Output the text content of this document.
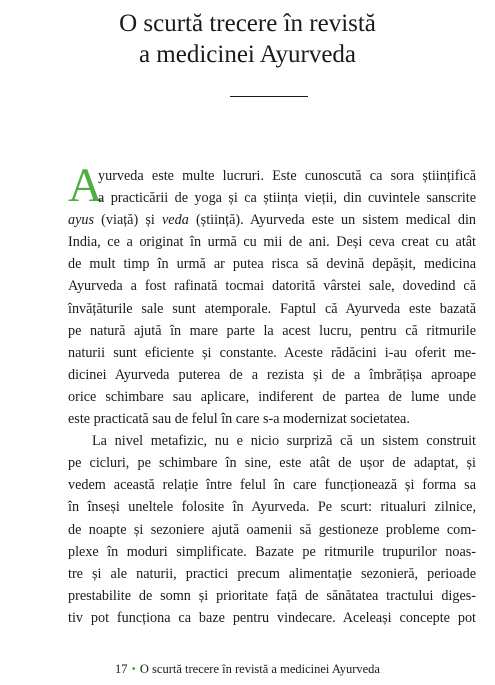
O scurtă trecere în revistă
a medicinei Ayurveda
A
yurveda este multe lucruri. Este cunoscută ca sora științifică
a practicării de yoga și ca știința vieții, din cuvintele sanscrite
ayus (viață) și veda (știință). Ayurveda este un sistem medical din
India, ce a originat în urmă cu mii de ani. Deși ceva creat cu atât
de mult timp în urmă ar putea risca să devină depășit, medicina
Ayurveda a fost rafinată tocmai datorită vârstei sale, dovedind că
învățăturile sale sunt atemporale. Faptul că Ayurveda este bazată
pe natură ajută în mare parte la acest lucru, pentru că ritmurile
naturii sunt eficiente și constante. Aceste rădăcini i-au oferit me-
dicinei Ayurveda puterea de a rezista și de a îmbrățișa aproape
orice schimbare sau aplicare, indiferent de partea de lume unde
este practicată sau de felul în care s-a modernizat societatea.
La nivel metafizic, nu e nicio surpriză că un sistem construit
pe cicluri, pe schimbare în sine, este atât de ușor de adaptat, și
vedem această relație între felul în care funcționează și forma sa
în înseși uneltele folosite în Ayurveda. Pe scurt: ritualuri zilnice,
de noapte și sezoniere ajută oamenii să gestioneze probleme com-
plexe în moduri simplificate. Bazate pe ritmurile trupurilor noas-
tre și ale naturii, practici precum alimentație sezonieră, perioade
prestabilite de somn și prioritate față de sănătatea tractului diges-
tiv pot funcționa ca baze pentru vindecare. Aceleași concepte pot
17 • O scurtă trecere în revistă a medicinei Ayurveda
